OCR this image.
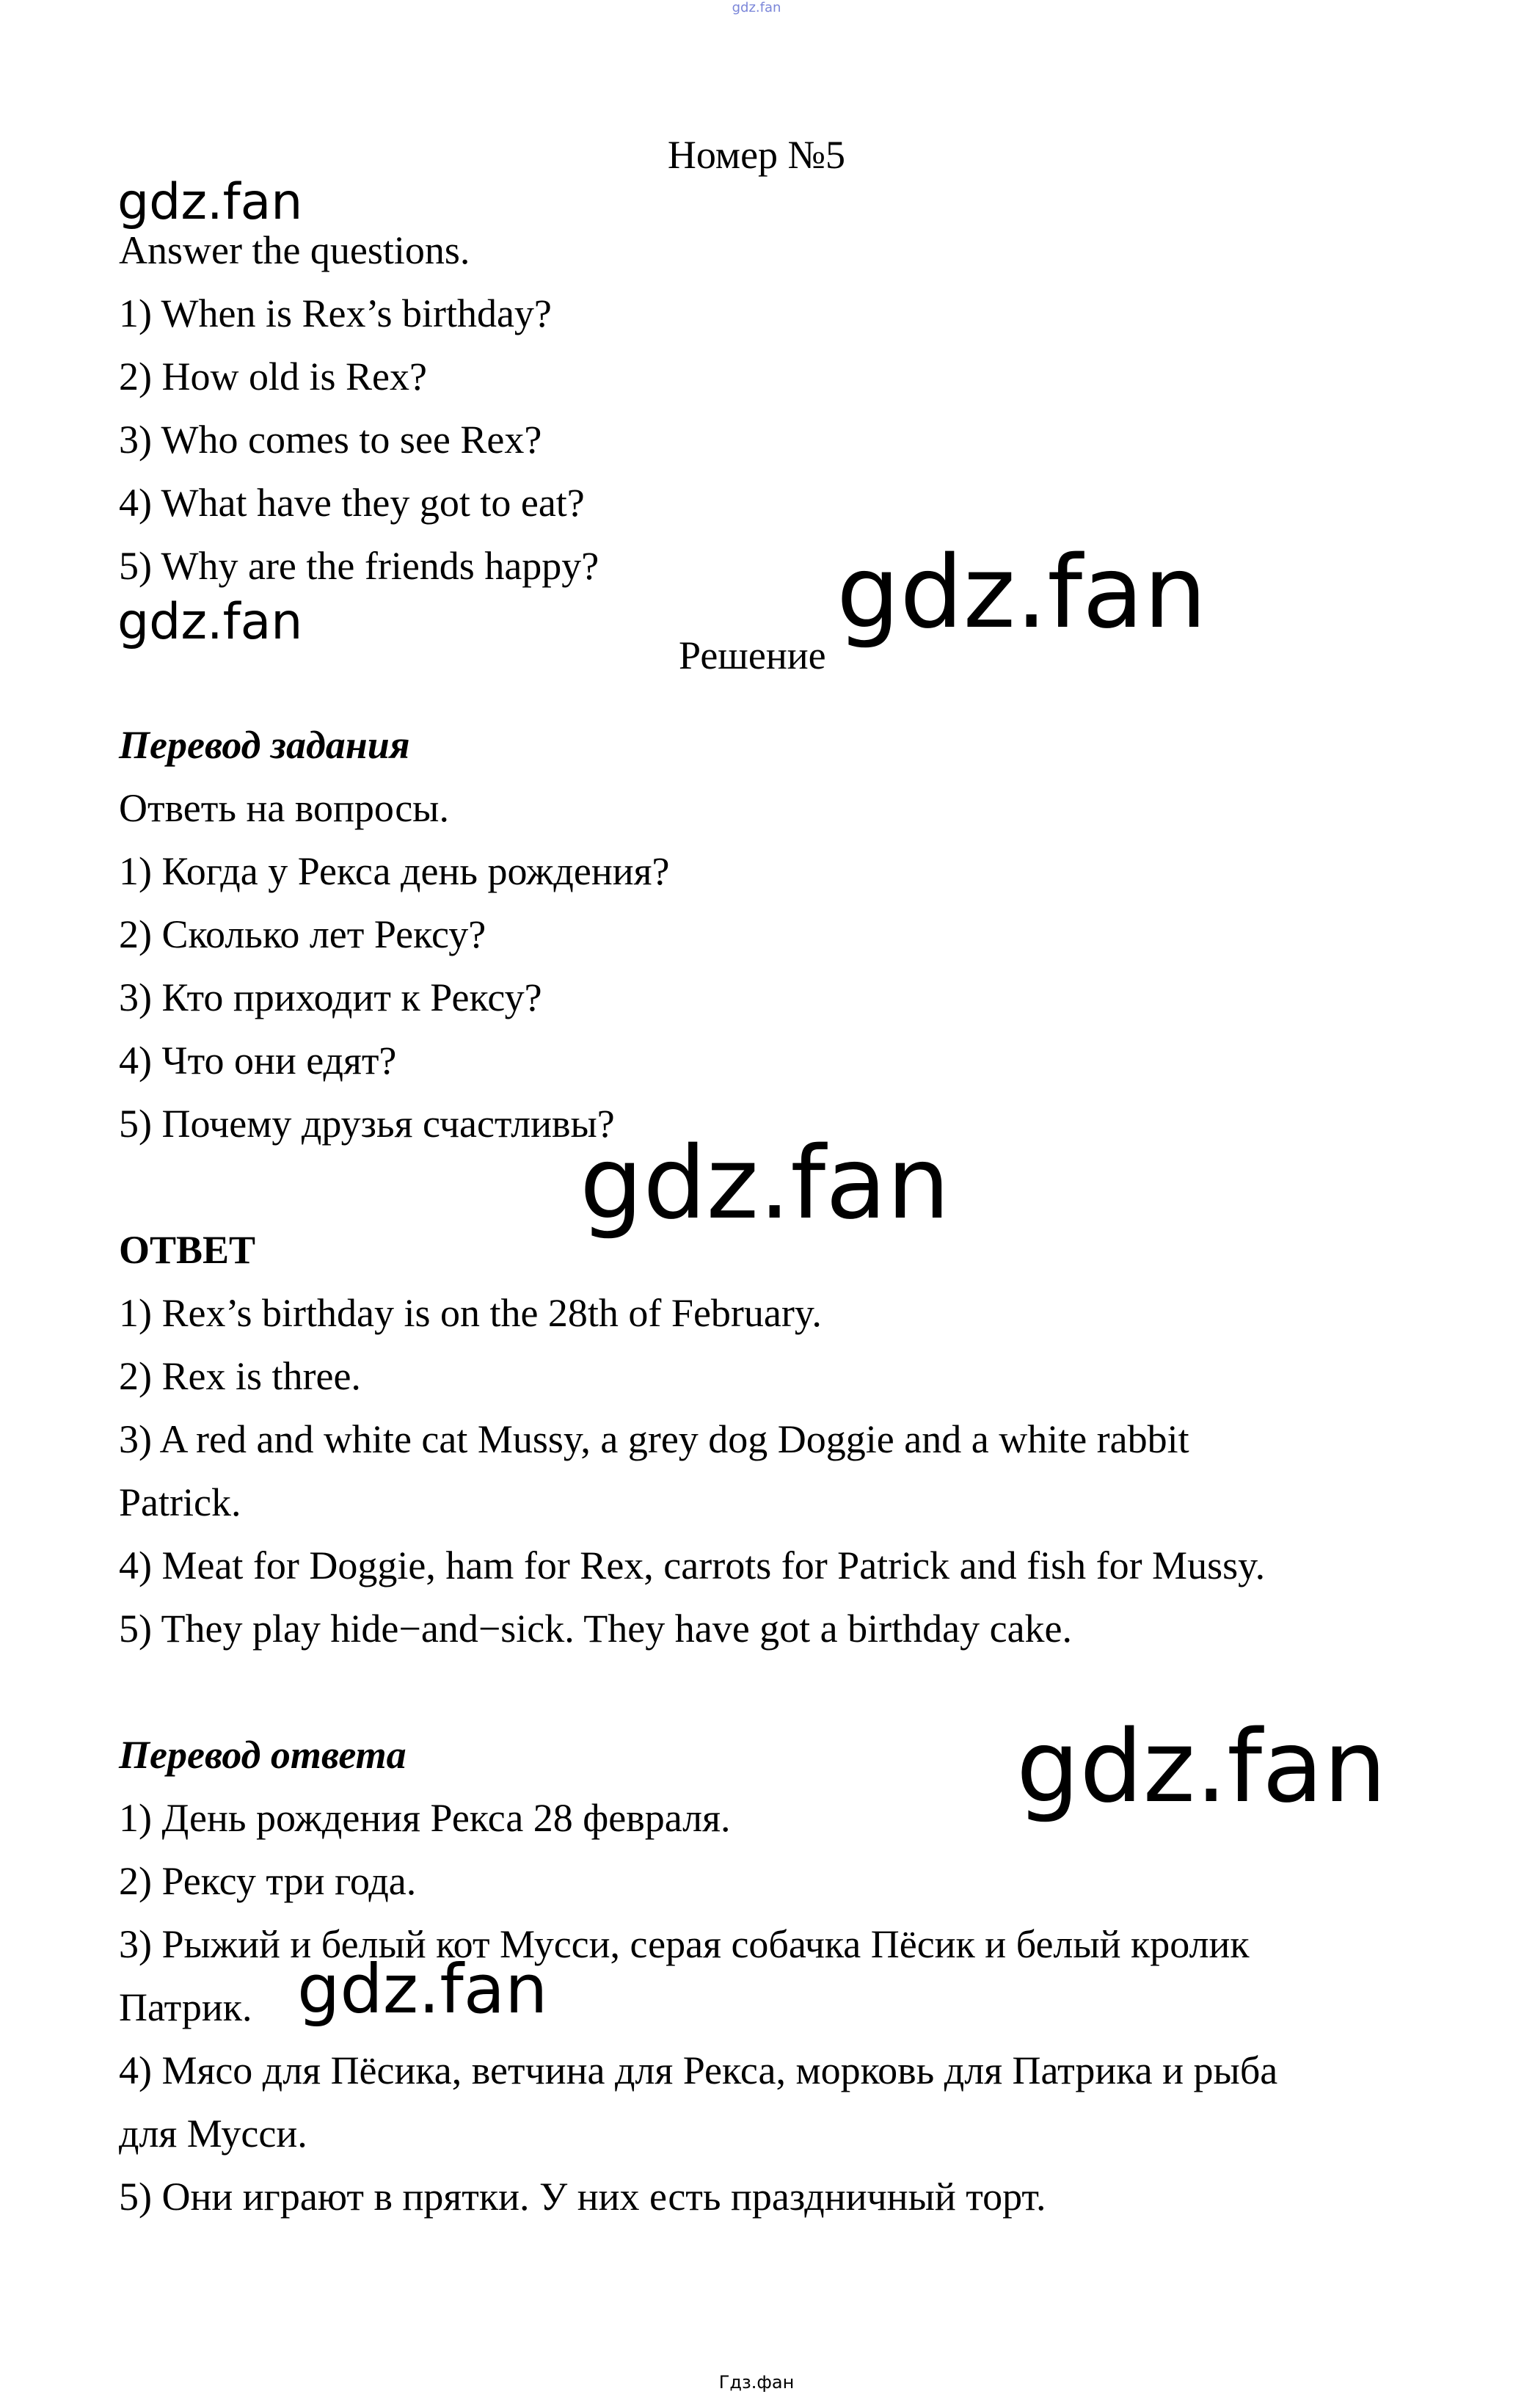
gdz.fan
Номер №5
gdz.fan
gdz.fan	gdz.fan
gdz.fan
gdz.fan
gdz.fan
Answer the questions.
1) When is Rex’s birthday?
2) How old is Rex?
3) Who comes to see Rex?
4) What have they got to eat?
5) Why are the friends happy?
Решение
Перевод задания
Ответь на вопросы.
1) Когда у Рекса день рождения?
2) Сколько лет Рексу?
3) Кто приходит к Рексу?
4) Что они едят?
5) Почему друзья счастливы?
ОТВЕТ
1) Rex’s birthday is on the 28th of February.
2) Rex is three.
3) A red and white cat Mussy, a grey dog Doggie and a white rabbit
Patrick.
4) Meat for Doggie, ham for Rex, carrots for Patrick and fish for Mussy.
5) They play hide−and−sick. They have got a birthday cake.
Перевод ответа
1) День рождения Рекса 28 февраля.
2) Рексу три года.
3) Рыжий и белый кот Мусси, серая собачка Пёсик и белый кролик
Патрик.
4) Мясо для Пёсика, ветчина для Рекса, морковь для Патрика и рыба
для Мусси.
5) Они играют в прятки. У них есть праздничный торт.
Гдз.фан
